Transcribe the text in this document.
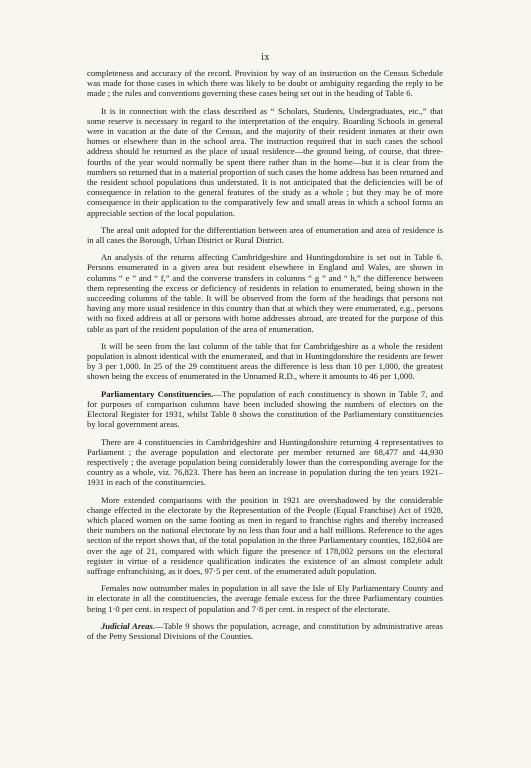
ix

completeness and accuracy of the record. Provision by way of an instruction on the Census Schedule was made for those cases in which there was likely to be doubt or ambiguity regarding the reply to be made ; the rules and conventions governing these cases being set out in the heading of Table 6.

It is in connection with the class described as “ Scholars, Students, Undergraduates, etc.,” that some reserve is necessary in regard to the interpretation of the enquiry. Boarding Schools in general were in vacation at the date of the Census, and the majority of their resident inmates at their own homes or elsewhere than in the school area. The instruction required that in such cases the school address should be returned as the place of usual residence—the ground being, of course, that three-fourths of the year would normally be spent there rather than in the home—but it is clear from the numbers so returned that in a material proportion of such cases the home address has been returned and the resident school populations thus understated. It is not anticipated that the deficiencies will be of consequence in relation to the general features of the study as a whole ; but they may be of more consequence in their application to the comparatively few and small areas in which a school forms an appreciable section of the local population.

The areal unit adopted for the differentiation between area of enumeration and area of residence is in all cases the Borough, Urban District or Rural District.

An analysis of the returns affecting Cambridgeshire and Huntingdonshire is set out in Table 6. Persons enumerated in a given area but resident elsewhere in England and Wales, are shown in columns “ e ” and “ f,” and the converse transfers in columns “ g ” and “ h,” the difference between them representing the excess or deficiency of residents in relation to enumerated, being shown in the succeeding columns of the table. It will be observed from the form of the headings that persons not having any more usual residence in this country than that at which they were enumerated, e.g., persons with no fixed address at all or persons with home addresses abroad, are treated for the purpose of this table as part of the resident population of the area of enumeration.

It will be seen from the last column of the table that for Cambridgeshire as a whole the resident population is almost identical with the enumerated, and that in Huntingdonshire the residents are fewer by 3 per 1,000. In 25 of the 29 constituent areas the difference is less than 10 per 1,000, the greatest shown being the excess of enumerated in the Unnamed R.D., where it amounts to 46 per 1,000.

Parliamentary Constituencies.—The population of each constituency is shown in Table 7, and for purposes of comparison columns have been included showing the numbers of electors on the Electoral Register for 1931, whilst Table 8 shows the constitution of the Parliamentary constituencies by local government areas.

There are 4 constituencies in Cambridgeshire and Huntingdonshire returning 4 representatives to Parliament ; the average population and electorate per member returned are 68,477 and 44,930 respectively ; the average population being considerably lower than the corresponding average for the country as a whole, viz. 76,823. There has been an increase in population during the ten years 1921–1931 in each of the constituencies.

More extended comparisons with the position in 1921 are overshadowed by the considerable change effected in the electorate by the Representation of the People (Equal Franchise) Act of 1928, which placed women on the same footing as men in regard to franchise rights and thereby increased their numbers on the national electorate by no less than four and a half millions. Reference to the ages section of the report shows that, of the total population in the three Parliamentary counties, 182,604 are over the age of 21, compared with which figure the presence of 178,002 persons on the electoral register in virtue of a residence qualification indicates the existence of an almost complete adult suffrage enfranchising, as it does, 97·5 per cent. of the enumerated adult population.

Females now outnumber males in population in all save the Isle of Ely Parliamentary County and in electorate in all the constituencies, the average female excess for the three Parliamentary counties being 1·0 per cent. in respect of population and 7·8 per cent. in respect of the electorate.

Judicial Areas.—Table 9 shows the population, acreage, and constitution by administrative areas of the Petty Sessional Divisions of the Counties.
